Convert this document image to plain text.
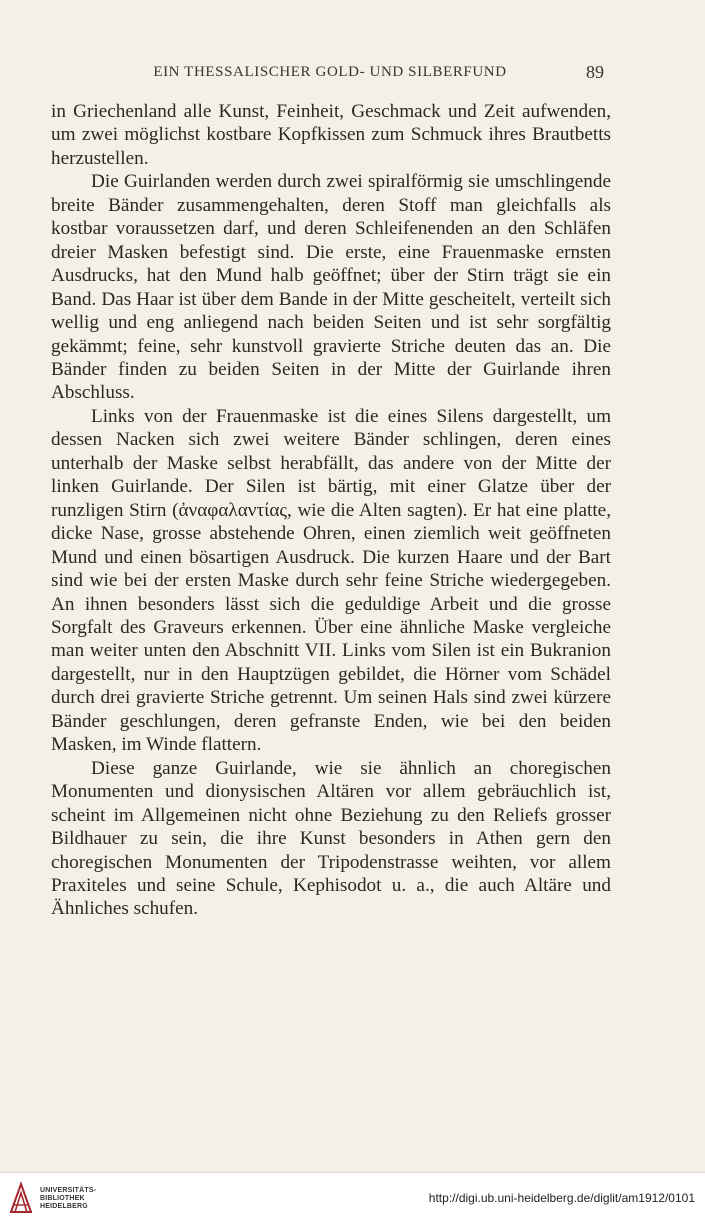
EIN THESSALISCHER GOLD- UND SILBERFUND	89

in Griechenland alle Kunst, Feinheit, Geschmack und Zeit aufwenden, um zwei möglichst kostbare Kopfkissen zum Schmuck ihres Brautbetts herzustellen.

Die Guirlanden werden durch zwei spiralförmig sie umschlingende breite Bänder zusammengehalten, deren Stoff man gleichfalls als kostbar voraussetzen darf, und deren Schleifenenden an den Schläfen dreier Masken befestigt sind. Die erste, eine Frauenmaske ernsten Ausdrucks, hat den Mund halb geöffnet; über der Stirn trägt sie ein Band. Das Haar ist über dem Bande in der Mitte gescheitelt, verteilt sich wellig und eng anliegend nach beiden Seiten und ist sehr sorgfältig gekämmt; feine, sehr kunstvoll gravierte Striche deuten das an. Die Bänder finden zu beiden Seiten in der Mitte der Guirlande ihren Abschluss.

Links von der Frauenmaske ist die eines Silens dargestellt, um dessen Nacken sich zwei weitere Bänder schlingen, deren eines unterhalb der Maske selbst herabfällt, das andere von der Mitte der linken Guirlande. Der Silen ist bärtig, mit einer Glatze über der runzligen Stirn (ἀναφαλαντίας, wie die Alten sagten). Er hat eine platte, dicke Nase, grosse abstehende Ohren, einen ziemlich weit geöffneten Mund und einen bösartigen Ausdruck. Die kurzen Haare und der Bart sind wie bei der ersten Maske durch sehr feine Striche wiedergegeben. An ihnen besonders lässt sich die geduldige Arbeit und die grosse Sorgfalt des Graveurs erkennen. Über eine ähnliche Maske vergleiche man weiter unten den Abschnitt VII. Links vom Silen ist ein Bukranion dargestellt, nur in den Hauptzügen gebildet, die Hörner vom Schädel durch drei gravierte Striche getrennt. Um seinen Hals sind zwei kürzere Bänder geschlungen, deren gefranste Enden, wie bei den beiden Masken, im Winde flattern.

Diese ganze Guirlande, wie sie ähnlich an choregischen Monumenten und dionysischen Altären vor allem gebräuchlich ist, scheint im Allgemeinen nicht ohne Beziehung zu den Reliefs grosser Bildhauer zu sein, die ihre Kunst besonders in Athen gern den choregischen Monumenten der Tripodenstrasse weihten, vor allem Praxiteles und seine Schule, Kephisodot u. a., die auch Altäre und Ähnliches schufen.

UNIVERSITÄTS-
BIBLIOTHEK
HEIDELBERG
http://digi.ub.uni-heidelberg.de/diglit/am1912/0101
